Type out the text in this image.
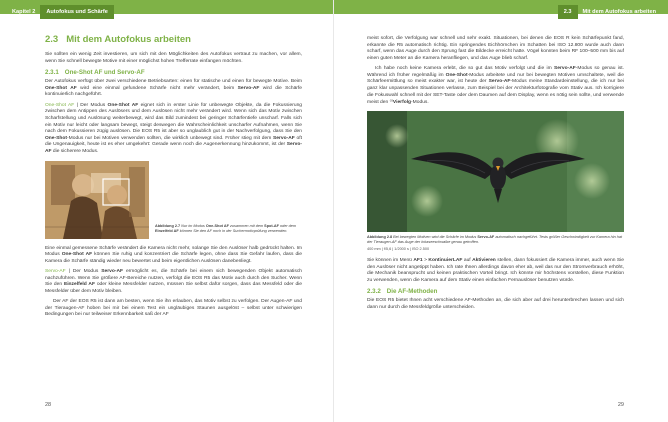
Kapitel 2 Autofokus und Schärfe
2.3 Mit dem Autofokus arbeiten

Sie sollten ein wenig Zeit investieren, um sich mit den Möglichkeiten des Autofokus vertraut zu machen, vor allem, wenn Sie schnell bewegte Motive mit einer möglichst hohen Trefferrate einfangen möchten.

2.3.1 One-Shot AF und Servo-AF

Der Autofokus verfügt über zwei verschiedene Betriebsarten: einen für statische und einen für bewegte Motive. Beim One-Shot AF wird eine einmal gefundene Schärfe nicht mehr verändert, beim Servo-AF wird die Schärfe kontinuierlich nachgeführt.

One-Shot AF | Der Modus One-Shot AF eignet sich in erster Linie für unbewegte Objekte, da die Fokussierung zwischen dem Antippen des Auslösers und dem Auslösen nicht mehr verändert wird. Wenn sich das Motiv zwischen Scharfstellung und Auslösung weiterbewegt, wird das Bild zumindest bei geringer Schärfentiefe unscharf. Falls sich ein Motiv nur leicht oder langsam bewegt, steigt deswegen die Wahrscheinlichkeit unscharfer Aufnahmen, wenn Sie nach dem Fokussieren zügig auslösen. Die EOS R5 ist aber so unglaublich gut in der Nachverfolgung, dass Sie den One-Shot-Modus nur bei Motiven verwenden sollten, die wirklich unbewegt sind. Früher stieg mit dem Servo-AF oft die Ungenauigkeit, heute ist es eher umgekehrt: Gerade wenn noch die Augenerkennung hinzukommt, ist der Servo-AF die sicherere Modus.

Abbildung 2.7 Nur im Modus One-Shot AF zusammen mit dem Spot-AF oder dem Einzelfeld AF können Sie den AF noch in der Suchermotivprüfung verwenden.

Eine einmal gemessene Schärfe verändert die Kamera nicht mehr, solange Sie den Auslöser halb gedrückt halten. Im Modus One-Shot AF können Sie ruhig und konzentriert die Schärfe legen, ohne dass Sie Gefahr laufen, dass die Kamera die Schärfe ständig wieder neu bewertet und beim eigentlichen Auslösen danebenliegt.

Servo-AF | Der Modus Servo-AF ermöglicht es, die Schärfe bei einem sich bewegenden Objekt automatisch nachzuführen. Wenn Sie größere AF-Bereiche nutzen, verfolgt die EOS R5 das Motiv auch durch den Sucher. Wenn Sie den Einzelfeld AF oder kleine Messfelder nutzen, müssen Sie selbst dafür sorgen, dass das Messfeld oder die Messfelder über dem Motiv bleiben.

Der AF der EOS R5 ist dann am besten, wenn Sie ihn erlauben, das Motiv selbst zu verfolgen. Der Augen-AF und der Tieraugen-AF hoben bei mir bei einem Test ein ungläubiges Staunen ausgelöst – selbst unter schwierigen Bedingungen bei nur teilweiser Erkennbarkeit saß der AF

28
2.3 Mit dem Autofokus arbeiten

meist sofort, die Verfolgung war schnell und sehr exakt. Situationen, bei denen die EOS R kein Schärfepunkt fand, erkannte die R5 automatisch richtig. Ein springendes Eichhörnchen im Schatten bei ISO 12.800 wurde auch dann scharf, wenn das Auge durch den Sprung fast die Bildecke erreicht hatte. Vögel konnten beim RF 100–500 mm bis auf einen guten Meter an die Kamera heranfliegen, und das Auge blieb scharf.

Ich habe noch keine Kamera erlebt, die so gut das Motiv verfolgt und die im Servo-AF-Modus so genau ist. Während ich früher regelmäßig im One-Shot-Modus arbeitete und nur bei bewegten Motiven umschaltete, weil die Schärfeermittlung so meist exakter war, ist heute der Servo-AF-Modus meine Standardeinstellung, die ich nur bei ganz klar unpassenden Situationen verlasse, zum Beispiel bei der Architekturfotografie vom Stativ aus. Ich korrigiere die Fokuswahl schnell mit der SET-Taste oder dem Daumen auf dem Display, wenn es nötig sein sollte, und verwende meist den ⁽ⁱ⁾Vierfolg-Modus.

Abbildung 2.8 Bei bewegten Motiven wird die Schärfe im Modus Servo-AF automatisch nachgeführt. Tests größer Geschwindigkeit zur Kamera hin hat der Tieraugen-AF das Auge der Inkaseeschwalbe genau getroffen.
400 mm | f/5,6 | 1/2000 s | ISO 2.500

Sie können im Menü AF1 > KontinuierLAF auf Aktivieren stellen, dann fokussiert die Kamera immer, auch wenn Sie den Auslöser nicht angetippt haben. Ich rate Ihnen allerdings davon eher ab, weil das nur den Stromverbrauch erhöht, die Mechanik beansprucht und keinen praktischen Vorteil bringt. Ich könnte mir höchstens vorstellen, diese Funktion zu verwenden, wenn die Kamera auf dem Stativ einen einfachen Fernauslöser benutzen würde.

2.3.2 Die AF-Methoden

Die EOS R5 bietet Ihnen acht verschiedene AF-Methoden an, die sich aber auf drei herunterbrechen lassen und sich dann nur durch die Messfeldgröße unterscheiden.

29
